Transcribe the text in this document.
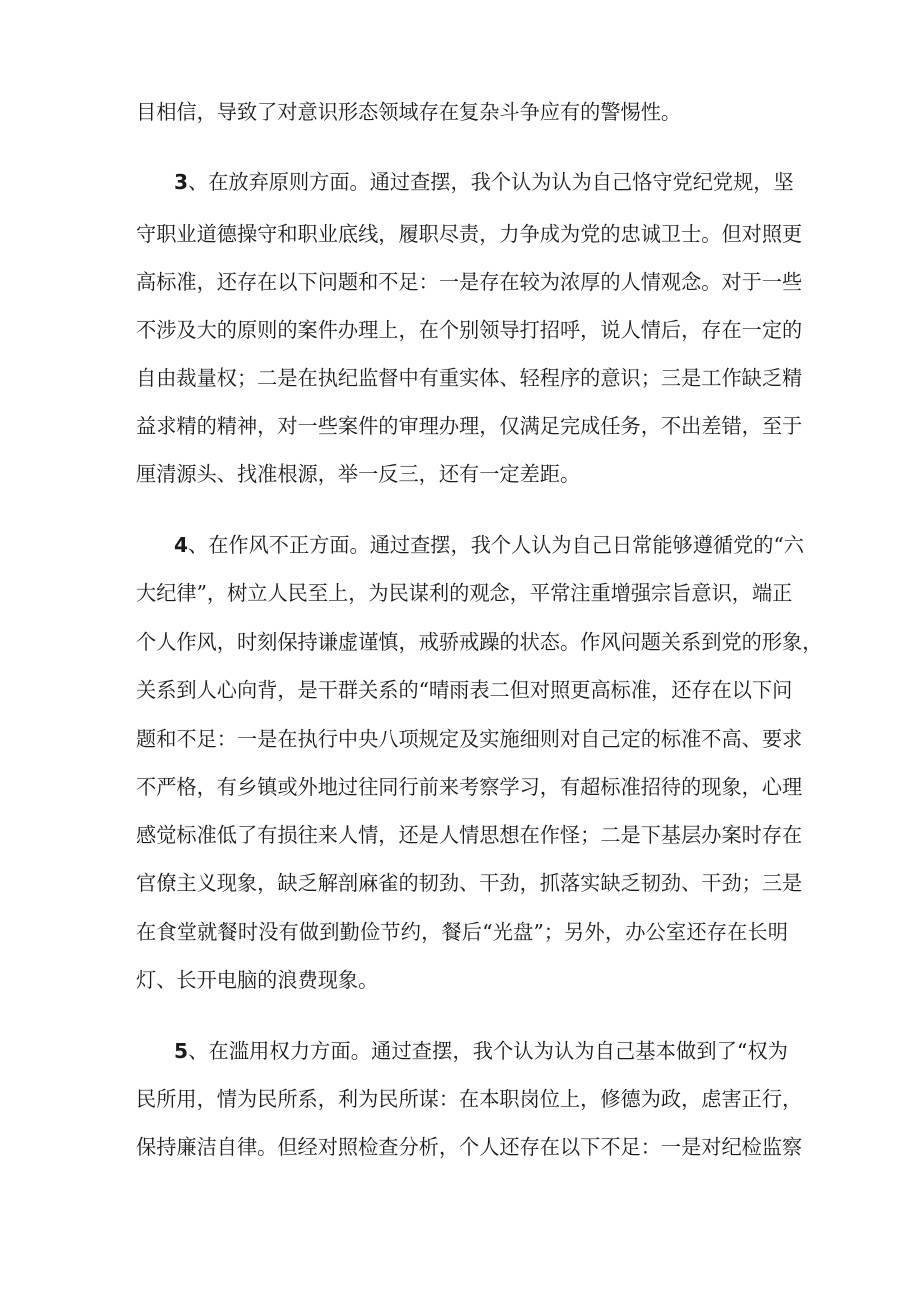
目相信，导致了对意识形态领域存在复杂斗争应有的警惕性。
3、在放弃原则方面。通过查摆，我个认为认为自己恪守党纪党规，坚
守职业道德操守和职业底线，履职尽责，力争成为党的忠诚卫士。但对照更
高标准，还存在以下问题和不足：一是存在较为浓厚的人情观念。对于一些
不涉及大的原则的案件办理上，在个别领导打招呼，说人情后，存在一定的
自由裁量权；二是在执纪监督中有重实体、轻程序的意识；三是工作缺乏精
益求精的精神，对一些案件的审理办理，仅满足完成任务，不出差错，至于
厘清源头、找准根源，举一反三，还有一定差距。
4、在作风不正方面。通过查摆，我个人认为自己日常能够遵循党的“六
大纪律”，树立人民至上，为民谋利的观念，平常注重增强宗旨意识，端正
个人作风，时刻保持谦虚谨慎，戒骄戒躁的状态。作风问题关系到党的形象，
关系到人心向背，是干群关系的“晴雨表二但对照更高标准，还存在以下问
题和不足：一是在执行中央八项规定及实施细则对自己定的标准不高、要求
不严格，有乡镇或外地过往同行前来考察学习，有超标准招待的现象，心理
感觉标准低了有损往来人情，还是人情思想在作怪；二是下基层办案时存在
官僚主义现象，缺乏解剖麻雀的韧劲、干劲，抓落实缺乏韧劲、干劲；三是
在食堂就餐时没有做到勤俭节约，餐后“光盘”；另外，办公室还存在长明
灯、长开电脑的浪费现象。
5、在滥用权力方面。通过查摆，我个认为认为自己基本做到了“权为
民所用，情为民所系，利为民所谋：在本职岗位上，修德为政，虑害正行，
保持廉洁自律。但经对照检查分析，个人还存在以下不足：一是对纪检监察
